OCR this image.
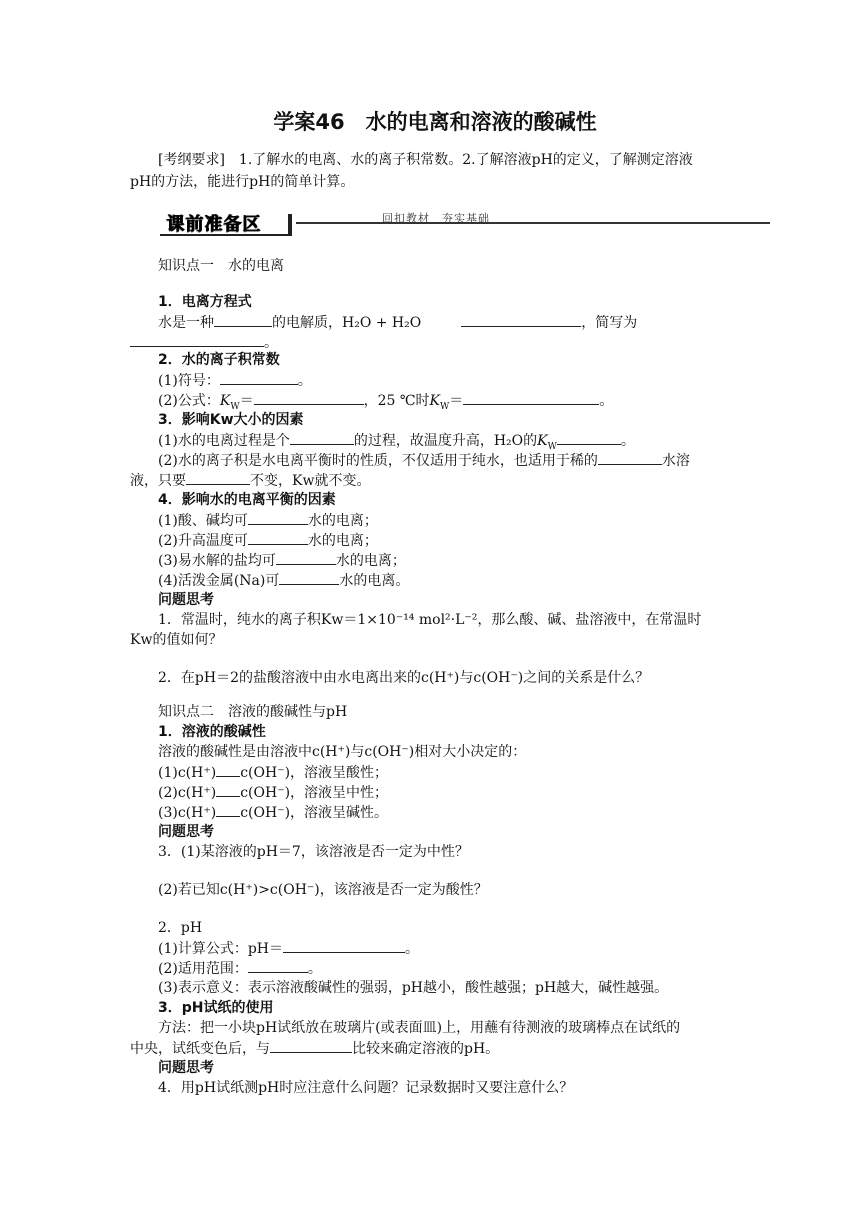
学案46　水的电离和溶液的酸碱性
[考纲要求]　1.了解水的电离、水的离子积常数。2.了解溶液pH的定义，了解测定溶液
pH的方法，能进行pH的简单计算。
课前准备区	回扣教材　夯实基础
知识点一　水的电离
1．电离方程式
水是一种	的电解质，H₂O + H₂O	，简写为
。
2．水的离子积常数
(1)符号：	。
(2)公式：$K_W=$	，25 ℃时$K_W=$	。
3．影响Kw大小的因素
(1)水的电离过程是个	的过程，故温度升高，H₂O的$K_W$	。
(2)水的离子积是水电离平衡时的性质，不仅适用于纯水，也适用于稀的	水溶
液，只要	不变，Kw就不变。
4．影响水的电离平衡的因素
(1)酸、碱均可	水的电离；
(2)升高温度可	水的电离；
(3)易水解的盐均可	水的电离；
(4)活泼金属(Na)可	水的电离。
问题思考
1．常温时，纯水的离子积Kw＝1×10⁻¹⁴ mol²·L⁻²，那么酸、碱、盐溶液中，在常温时
Kw的值如何？
2．在pH＝2的盐酸溶液中由水电离出来的c(H⁺)与c(OH⁻)之间的关系是什么？
知识点二　溶液的酸碱性与pH
1．溶液的酸碱性
溶液的酸碱性是由溶液中c(H⁺)与c(OH⁻)相对大小决定的：
(1)c(H⁺) c(OH⁻)，溶液呈酸性；
(2)c(H⁺) c(OH⁻)，溶液呈中性；
(3)c(H⁺) c(OH⁻)，溶液呈碱性。
问题思考
3．(1)某溶液的pH＝7，该溶液是否一定为中性？
(2)若已知c(H⁺)>c(OH⁻)，该溶液是否一定为酸性？
2．pH
(1)计算公式：pH＝	。
(2)适用范围：	。
(3)表示意义：表示溶液酸碱性的强弱，pH越小，酸性越强；pH越大，碱性越强。
3．pH试纸的使用
方法：把一小块pH试纸放在玻璃片(或表面皿)上，用蘸有待测液的玻璃棒点在试纸的
中央，试纸变色后，与	比较来确定溶液的pH。
问题思考
4．用pH试纸测pH时应注意什么问题？记录数据时又要注意什么？
